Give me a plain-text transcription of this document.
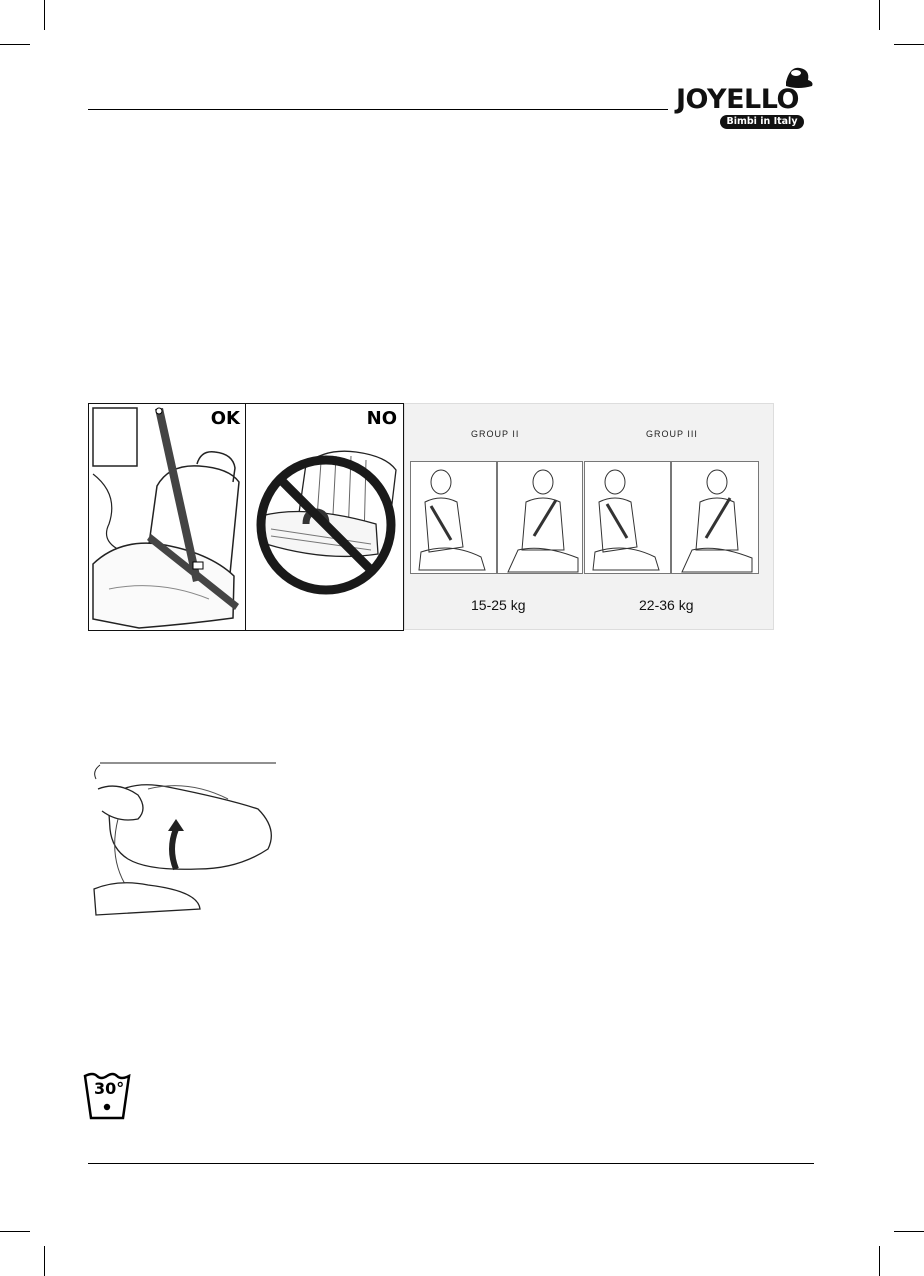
JOYELLO
Bimbi in Italy
OK	NO
GROUP II	GROUP III
15-25 kg	22-36 kg
30°
